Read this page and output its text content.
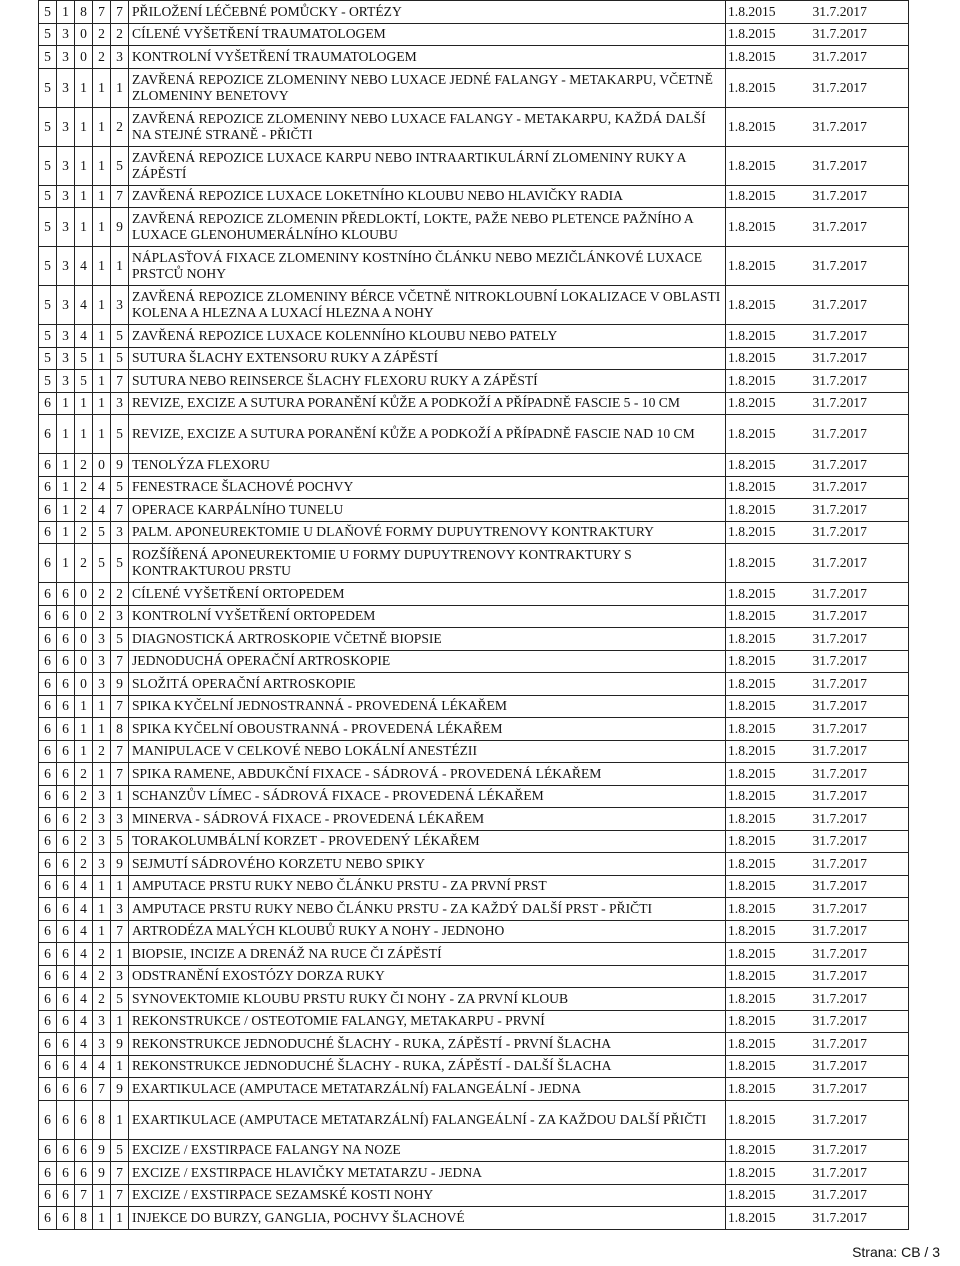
5	1	8	7	7	PŘILOŽENÍ LÉČEBNÉ POMŮCKY - ORTÉZY	1.8.2015	31.7.2017
5	3	0	2	2	CÍLENÉ VYŠETŘENÍ TRAUMATOLOGEM	1.8.2015	31.7.2017
5	3	0	2	3	KONTROLNÍ VYŠETŘENÍ TRAUMATOLOGEM	1.8.2015	31.7.2017
5	3	1	1	1	ZAVŘENÁ REPOZICE ZLOMENINY NEBO LUXACE JEDNÉ FALANGY - METAKARPU, VČETNĚ ZLOMENINY BENETOVY	1.8.2015	31.7.2017
5	3	1	1	2	ZAVŘENÁ REPOZICE ZLOMENINY NEBO LUXACE FALANGY - METAKARPU, KAŽDÁ DALŠÍ NA STEJNÉ STRANĚ - PŘIČTI	1.8.2015	31.7.2017
5	3	1	1	5	ZAVŘENÁ REPOZICE LUXACE KARPU NEBO INTRAARTIKULÁRNÍ ZLOMENINY RUKY A ZÁPĚSTÍ	1.8.2015	31.7.2017
5	3	1	1	7	ZAVŘENÁ REPOZICE LUXACE LOKETNÍHO KLOUBU NEBO HLAVIČKY RADIA	1.8.2015	31.7.2017
5	3	1	1	9	ZAVŘENÁ REPOZICE ZLOMENIN PŘEDLOKTÍ, LOKTE, PAŽE NEBO PLETENCE PAŽNÍHO A LUXACE GLENOHUMERÁLNÍHO KLOUBU	1.8.2015	31.7.2017
5	3	4	1	1	NÁPLASŤOVÁ FIXACE ZLOMENINY KOSTNÍHO ČLÁNKU NEBO MEZIČLÁNKOVÉ LUXACE PRSTCŮ NOHY	1.8.2015	31.7.2017
5	3	4	1	3	ZAVŘENÁ REPOZICE ZLOMENINY BÉRCE VČETNĚ NITROKLOUBNÍ LOKALIZACE V OBLASTI KOLENA A HLEZNA A LUXACÍ HLEZNA A NOHY	1.8.2015	31.7.2017
5	3	4	1	5	ZAVŘENÁ REPOZICE LUXACE KOLENNÍHO KLOUBU NEBO PATELY	1.8.2015	31.7.2017
5	3	5	1	5	SUTURA ŠLACHY EXTENSORU RUKY A ZÁPĚSTÍ	1.8.2015	31.7.2017
5	3	5	1	7	SUTURA NEBO REINSERCE ŠLACHY FLEXORU RUKY A ZÁPĚSTÍ	1.8.2015	31.7.2017
6	1	1	1	3	REVIZE, EXCIZE A SUTURA PORANĚNÍ KŮŽE A PODKOŽÍ A PŘÍPADNĚ FASCIE 5 - 10 CM	1.8.2015	31.7.2017
6	1	1	1	5	REVIZE, EXCIZE A SUTURA PORANĚNÍ KŮŽE A PODKOŽÍ A PŘÍPADNĚ FASCIE NAD 10 CM	1.8.2015	31.7.2017
6	1	2	0	9	TENOLÝZA FLEXORU	1.8.2015	31.7.2017
6	1	2	4	5	FENESTRACE ŠLACHOVÉ POCHVY	1.8.2015	31.7.2017
6	1	2	4	7	OPERACE KARPÁLNÍHO TUNELU	1.8.2015	31.7.2017
6	1	2	5	3	PALM. APONEUREKTOMIE U DLAŇOVÉ FORMY DUPUYTRENOVY KONTRAKTURY	1.8.2015	31.7.2017
6	1	2	5	5	ROZŠÍŘENÁ APONEUREKTOMIE U FORMY DUPUYTRENOVY KONTRAKTURY S KONTRAKTUROU PRSTU	1.8.2015	31.7.2017
6	6	0	2	2	CÍLENÉ VYŠETŘENÍ ORTOPEDEM	1.8.2015	31.7.2017
6	6	0	2	3	KONTROLNÍ VYŠETŘENÍ ORTOPEDEM	1.8.2015	31.7.2017
6	6	0	3	5	DIAGNOSTICKÁ ARTROSKOPIE VČETNĚ BIOPSIE	1.8.2015	31.7.2017
6	6	0	3	7	JEDNODUCHÁ OPERAČNÍ ARTROSKOPIE	1.8.2015	31.7.2017
6	6	0	3	9	SLOŽITÁ OPERAČNÍ ARTROSKOPIE	1.8.2015	31.7.2017
6	6	1	1	7	SPIKA KYČELNÍ JEDNOSTRANNÁ - PROVEDENÁ LÉKAŘEM	1.8.2015	31.7.2017
6	6	1	1	8	SPIKA KYČELNÍ OBOUSTRANNÁ - PROVEDENÁ LÉKAŘEM	1.8.2015	31.7.2017
6	6	1	2	7	MANIPULACE V CELKOVÉ NEBO LOKÁLNÍ ANESTÉZII	1.8.2015	31.7.2017
6	6	2	1	7	SPIKA RAMENE, ABDUKČNÍ FIXACE - SÁDROVÁ - PROVEDENÁ LÉKAŘEM	1.8.2015	31.7.2017
6	6	2	3	1	SCHANZŮV LÍMEC - SÁDROVÁ FIXACE - PROVEDENÁ LÉKAŘEM	1.8.2015	31.7.2017
6	6	2	3	3	MINERVA - SÁDROVÁ FIXACE - PROVEDENÁ LÉKAŘEM	1.8.2015	31.7.2017
6	6	2	3	5	TORAKOLUMBÁLNÍ KORZET - PROVEDENÝ LÉKAŘEM	1.8.2015	31.7.2017
6	6	2	3	9	SEJMUTÍ SÁDROVÉHO KORZETU NEBO SPIKY	1.8.2015	31.7.2017
6	6	4	1	1	AMPUTACE PRSTU RUKY NEBO ČLÁNKU PRSTU - ZA PRVNÍ PRST	1.8.2015	31.7.2017
6	6	4	1	3	AMPUTACE PRSTU RUKY NEBO ČLÁNKU PRSTU - ZA KAŽDÝ DALŠÍ PRST - PŘIČTI	1.8.2015	31.7.2017
6	6	4	1	7	ARTRODÉZA MALÝCH KLOUBŮ RUKY A NOHY - JEDNOHO	1.8.2015	31.7.2017
6	6	4	2	1	BIOPSIE, INCIZE A DRENÁŽ NA RUCE ČI ZÁPĚSTÍ	1.8.2015	31.7.2017
6	6	4	2	3	ODSTRANĚNÍ EXOSTÓZY DORZA RUKY	1.8.2015	31.7.2017
6	6	4	2	5	SYNOVEKTOMIE KLOUBU PRSTU RUKY ČI NOHY - ZA PRVNÍ KLOUB	1.8.2015	31.7.2017
6	6	4	3	1	REKONSTRUKCE / OSTEOTOMIE FALANGY, METAKARPU - PRVNÍ	1.8.2015	31.7.2017
6	6	4	3	9	REKONSTRUKCE JEDNODUCHÉ ŠLACHY - RUKA, ZÁPĚSTÍ - PRVNÍ ŠLACHA	1.8.2015	31.7.2017
6	6	4	4	1	REKONSTRUKCE JEDNODUCHÉ ŠLACHY - RUKA, ZÁPĚSTÍ - DALŠÍ ŠLACHA	1.8.2015	31.7.2017
6	6	6	7	9	EXARTIKULACE (AMPUTACE METATARZÁLNÍ) FALANGEÁLNÍ - JEDNA	1.8.2015	31.7.2017
6	6	6	8	1	EXARTIKULACE (AMPUTACE METATARZÁLNÍ) FALANGEÁLNÍ - ZA KAŽDOU DALŠÍ PŘIČTI	1.8.2015	31.7.2017
6	6	6	9	5	EXCIZE / EXSTIRPACE FALANGY NA NOZE	1.8.2015	31.7.2017
6	6	6	9	7	EXCIZE / EXSTIRPACE HLAVIČKY METATARZU - JEDNA	1.8.2015	31.7.2017
6	6	7	1	7	EXCIZE / EXSTIRPACE SEZAMSKÉ KOSTI NOHY	1.8.2015	31.7.2017
6	6	8	1	1	INJEKCE DO BURZY, GANGLIA, POCHVY ŠLACHOVÉ	1.8.2015	31.7.2017
Strana: CB / 3
